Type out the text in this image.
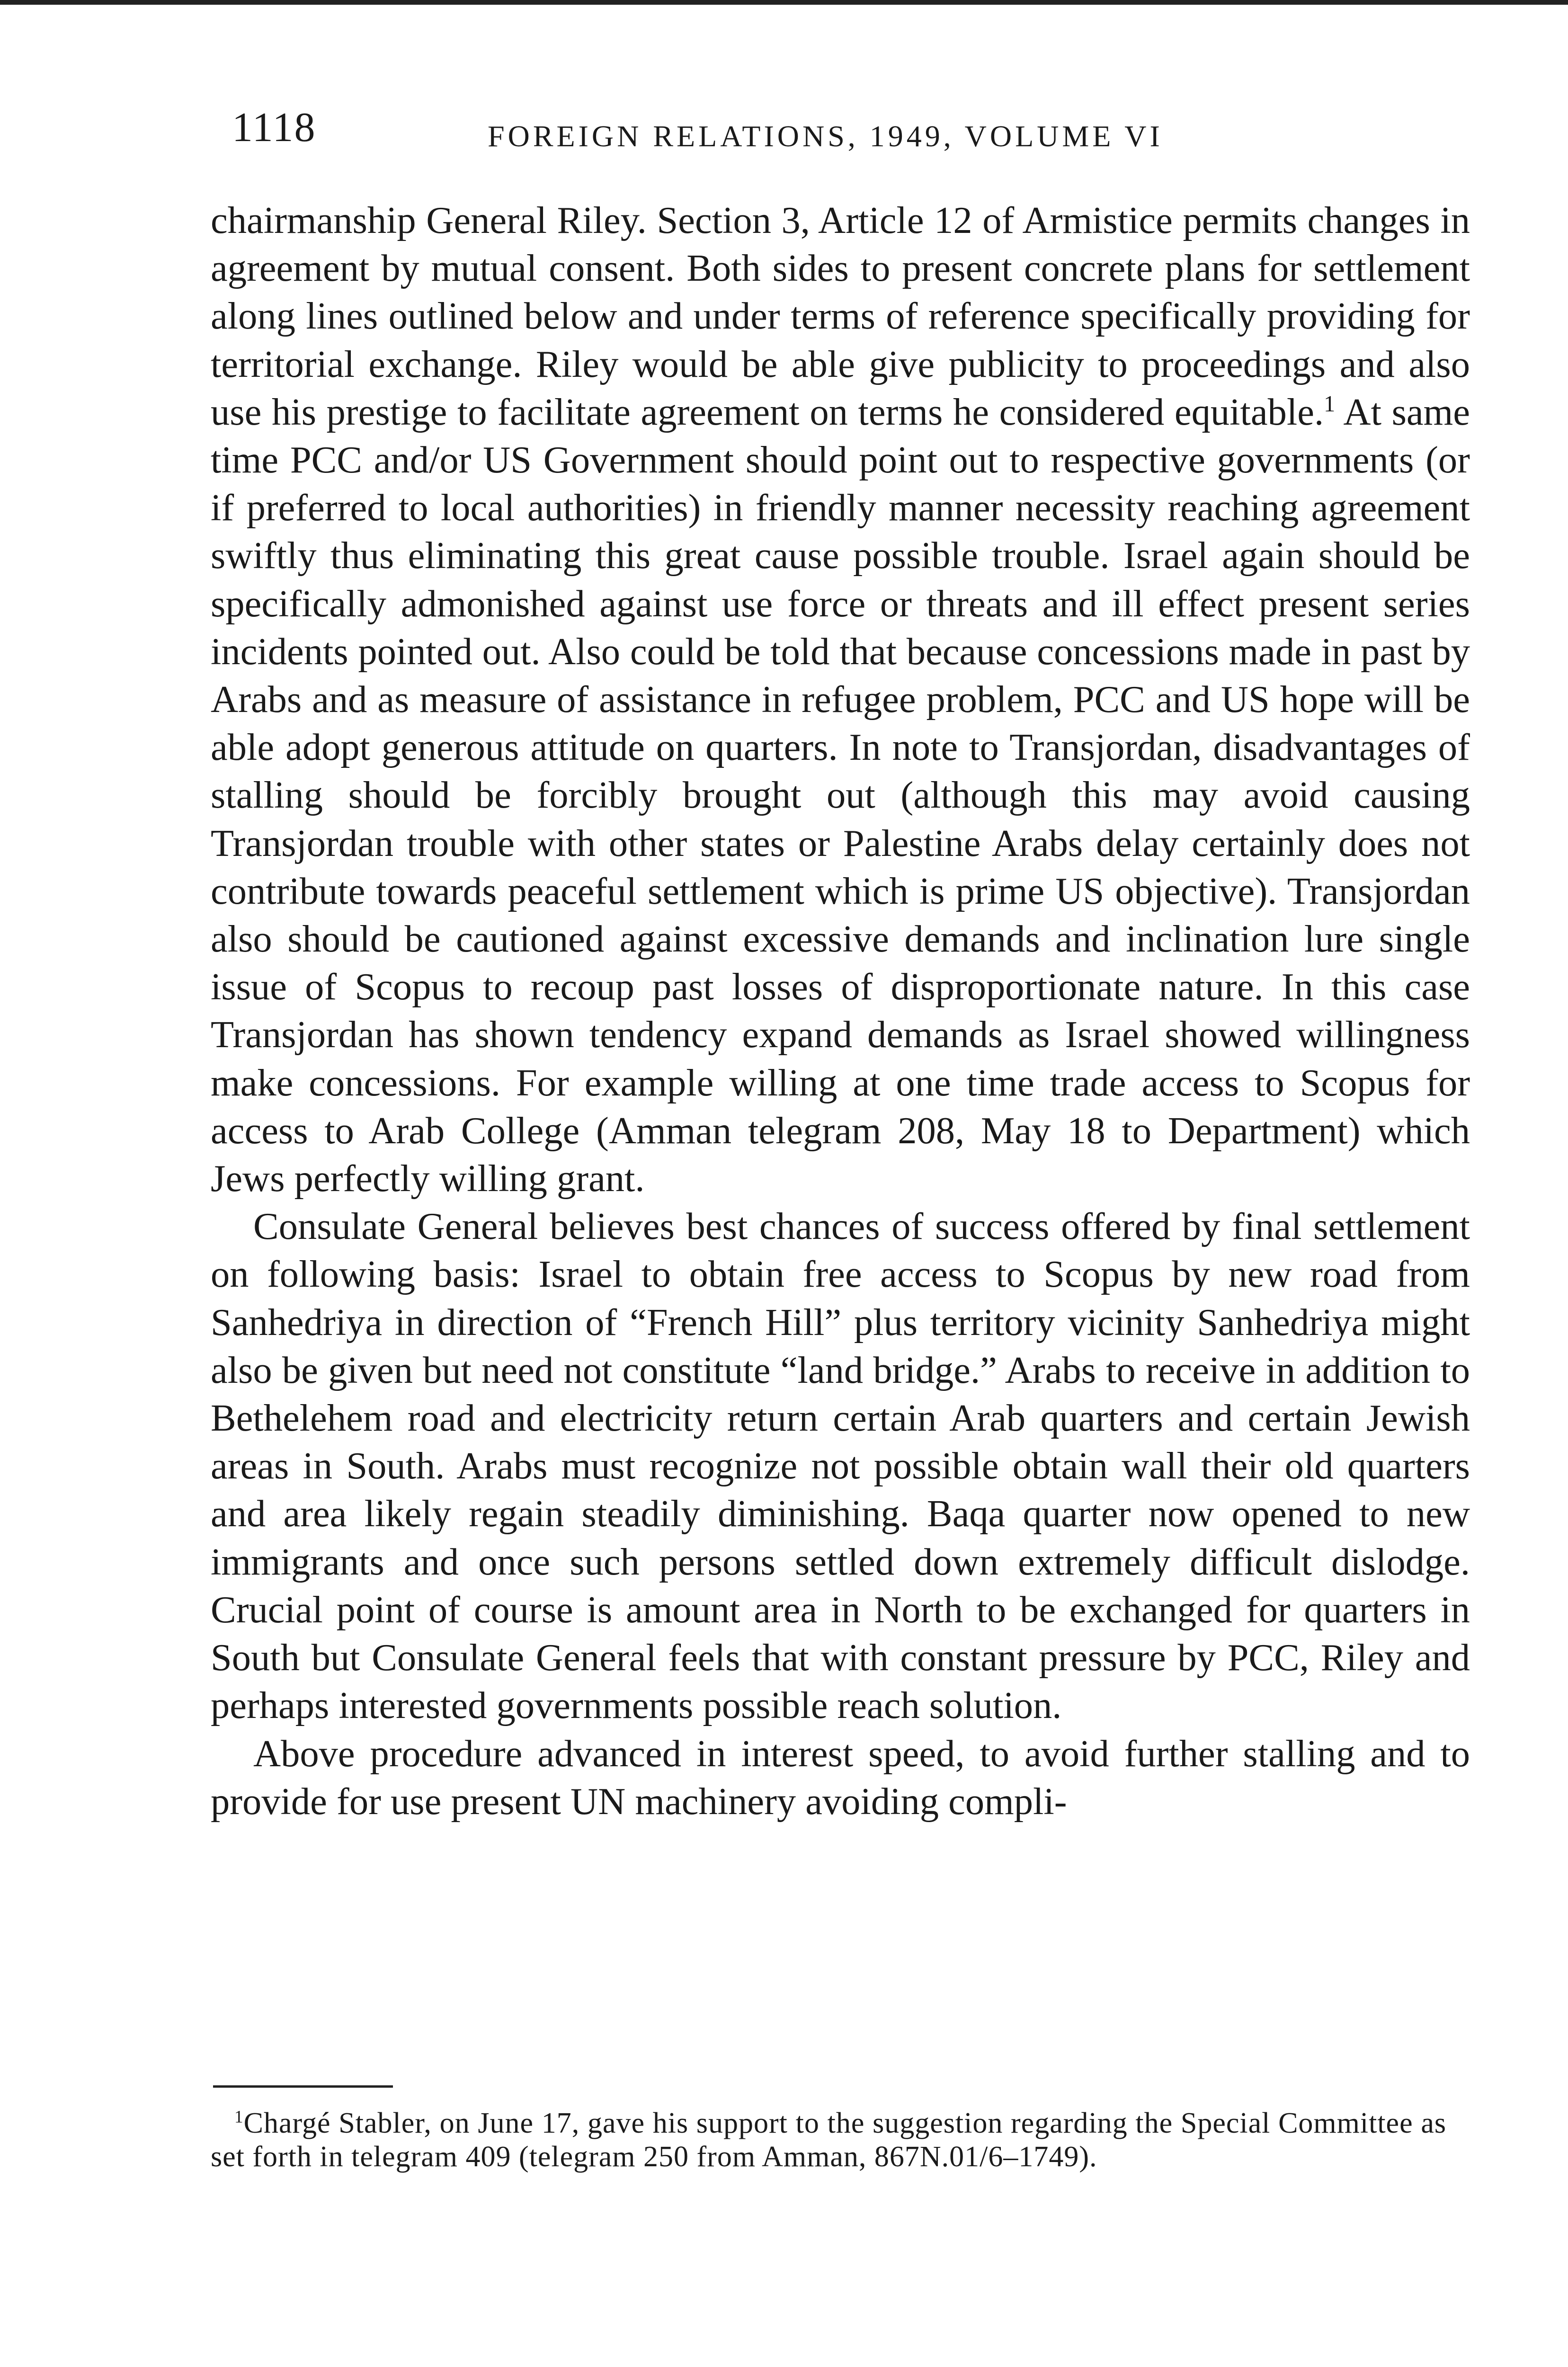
1118	FOREIGN RELATIONS, 1949, VOLUME VI

chairmanship General Riley. Section 3, Article 12 of Armistice permits changes in agreement by mutual consent. Both sides to present concrete plans for settlement along lines outlined below and under terms of reference specifically providing for territorial exchange. Riley would be able give publicity to proceedings and also use his prestige to facilitate agreement on terms he considered equitable.$^1$ At same time PCC and/or US Government should point out to respective governments (or if preferred to local authorities) in friendly manner necessity reaching agreement swiftly thus eliminating this great cause possible trouble. Israel again should be specifically admonished against use force or threats and ill effect present series incidents pointed out. Also could be told that because concessions made in past by Arabs and as measure of assistance in refugee problem, PCC and US hope will be able adopt generous attitude on quarters. In note to Transjordan, disadvantages of stalling should be forcibly brought out (although this may avoid causing Transjordan trouble with other states or Palestine Arabs delay certainly does not contribute towards peaceful settlement which is prime US objective). Transjordan also should be cautioned against excessive demands and inclination lure single issue of Scopus to recoup past losses of disproportionate nature. In this case Transjordan has shown tendency expand demands as Israel showed willingness make concessions. For example willing at one time trade access to Scopus for access to Arab College (Amman telegram 208, May 18 to Department) which Jews perfectly willing grant.

Consulate General believes best chances of success offered by final settlement on following basis: Israel to obtain free access to Scopus by new road from Sanhedriya in direction of “French Hill” plus territory vicinity Sanhedriya might also be given but need not constitute “land bridge.” Arabs to receive in addition to Bethelehem road and electricity return certain Arab quarters and certain Jewish areas in South. Arabs must recognize not possible obtain wall their old quarters and area likely regain steadily diminishing. Baqa quarter now opened to new immigrants and once such persons settled down extremely difficult dislodge. Crucial point of course is amount area in North to be exchanged for quarters in South but Consulate General feels that with constant pressure by PCC, Riley and perhaps interested governments possible reach solution.

Above procedure advanced in interest speed, to avoid further stalling and to provide for use present UN machinery avoiding compli-

$^1$Chargé Stabler, on June 17, gave his support to the suggestion regarding the Special Committee as set forth in telegram 409 (telegram 250 from Amman, 867N.01/6–1749).
